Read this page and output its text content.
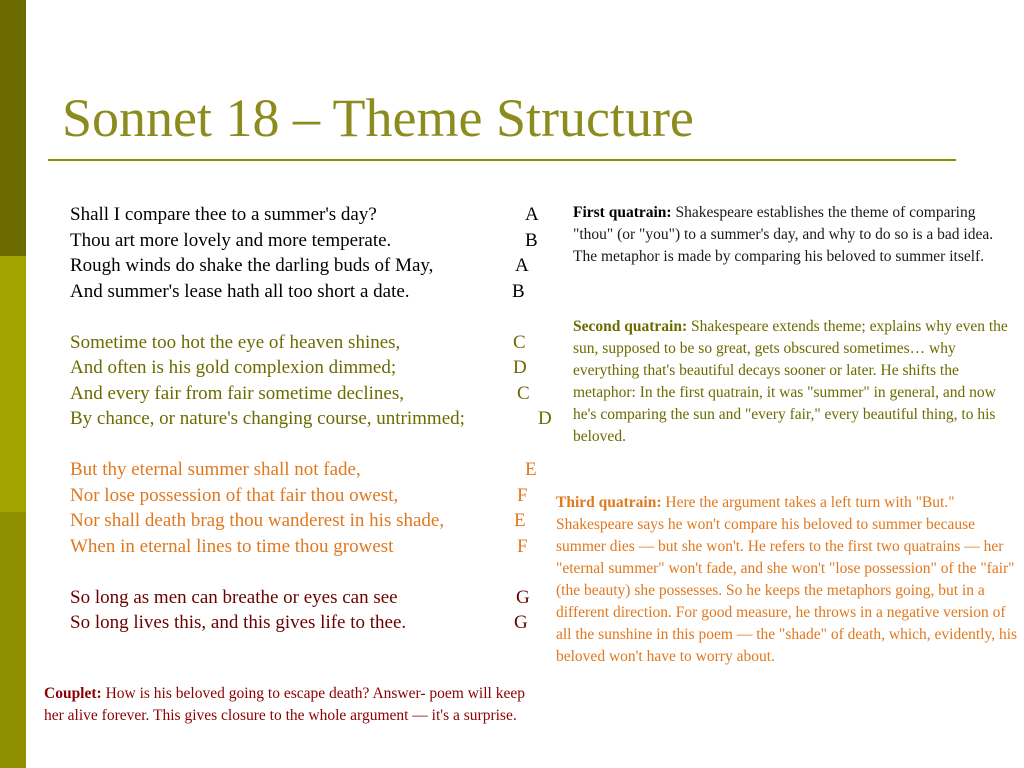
Sonnet 18 – Theme Structure
Shall I compare thee to a summer's day?	A
Thou art more lovely and more temperate.	B
Rough winds do shake the darling buds of May,	A
And summer's lease hath all too short a date.	B
Sometime too hot the eye of heaven shines,	C
And often is his gold complexion dimmed;	D
And every fair from fair sometime declines,	C
By chance, or nature's changing course, untrimmed;	D
But thy eternal summer shall not fade,	E
Nor lose possession of that fair thou owest,	F
Nor shall death brag thou wanderest in his shade,	E
When in eternal lines to time thou growest	F
So long as men can breathe or eyes can see	G
So long lives this, and this gives life to thee.	G
First quatrain: Shakespeare establishes the theme of comparing "thou" (or "you") to a summer's day, and why to do so is a bad idea. The metaphor is made by comparing his beloved to summer itself.
Second quatrain: Shakespeare extends theme; explains why even the sun, supposed to be so great, gets obscured sometimes… why everything that's beautiful decays sooner or later. He shifts the metaphor: In the first quatrain, it was "summer" in general, and now he's comparing the sun and "every fair," every beautiful thing, to his beloved.
Third quatrain: Here the argument takes a left turn with "But." Shakespeare says he won't compare his beloved to summer because summer dies — but she won't. He refers to the first two quatrains — her "eternal summer" won't fade, and she won't "lose possession" of the "fair" (the beauty) she possesses. So he keeps the metaphors going, but in a different direction. For good measure, he throws in a negative version of all the sunshine in this poem — the "shade" of death, which, evidently, his beloved won't have to worry about.
Couplet: How is his beloved going to escape death? Answer- poem will keep her alive forever. This gives closure to the whole argument — it's a surprise.
